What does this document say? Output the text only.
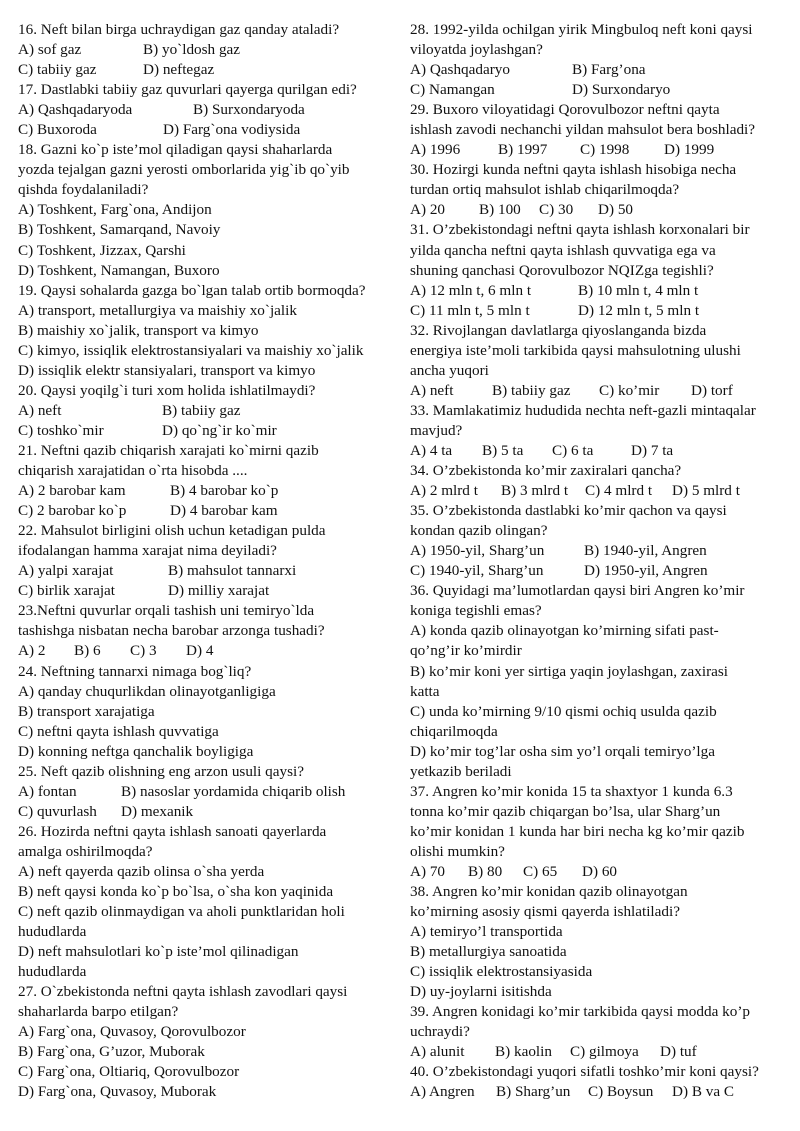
16. Neft bilan birga uchraydigan gaz qanday ataladi?
A) sof gaz	B) yo`ldosh gaz
C) tabiiy gaz	D) neftegaz
17. Dastlabki tabiiy gaz quvurlari qayerga qurilgan edi?
A) Qashqadaryoda	B) Surxondaryoda
C) Buxoroda	D) Farg`ona vodiysida
18. Gazni ko`p iste’mol qiladigan qaysi shaharlarda
yozda tejalgan gazni yerosti omborlarida yig`ib qo`yib
qishda foydalaniladi?
A) Toshkent, Farg`ona, Andijon
B) Toshkent, Samarqand, Navoiy
C) Toshkent, Jizzax, Qarshi
D) Toshkent, Namangan, Buxoro
19. Qaysi sohalarda gazga bo`lgan talab ortib bormoqda?
A) transport, metallurgiya va maishiy xo`jalik
B) maishiy xo`jalik, transport va kimyo
C) kimyo, issiqlik elektrostansiyalari va maishiy xo`jalik
D) issiqlik elektr stansiyalari, transport va kimyo
20. Qaysi yoqilg`i turi xom holida ishlatilmaydi?
A) neft	B) tabiiy gaz
C) toshko`mir	D) qo`ng`ir ko`mir
21. Neftni qazib chiqarish xarajati ko`mirni qazib
chiqarish xarajatidan o`rta hisobda ....
A) 2 barobar kam	B) 4 barobar ko`p
C) 2 barobar ko`p	D) 4 barobar kam
22. Mahsulot birligini olish uchun ketadigan pulda
ifodalangan hamma xarajat nima deyiladi?
A) yalpi xarajat	B) mahsulot tannarxi
C) birlik xarajat	D) milliy xarajat
23.Neftni quvurlar orqali tashish uni temiryo`lda
tashishga nisbatan necha barobar arzonga tushadi?
A) 2 B) 6 C) 3 D) 4
24. Neftning tannarxi nimaga bog`liq?
A) qanday chuqurlikdan olinayotganligiga
B) transport xarajatiga
C) neftni qayta ishlash quvvatiga
D) konning neftga qanchalik boyligiga
25. Neft qazib olishning eng arzon usuli qaysi?
A) fontan	B) nasoslar yordamida chiqarib olish
C) quvurlash D) mexanik
26. Hozirda neftni qayta ishlash sanoati qayerlarda
amalga oshirilmoqda?
A) neft qayerda qazib olinsa o`sha yerda
B) neft qaysi konda ko`p bo`lsa, o`sha kon yaqinida
C) neft qazib olinmaydigan va aholi punktlaridan holi
hududlarda
D) neft mahsulotlari ko`p iste’mol qilinadigan
hududlarda
27. O`zbekistonda neftni qayta ishlash zavodlari qaysi
shaharlarda barpo etilgan?
A) Farg`ona, Quvasoy, Qorovulbozor
B) Farg`ona, G’uzor, Muborak
C) Farg`ona, Oltiariq, Qorovulbozor
D) Farg`ona, Quvasoy, Muborak
28. 1992-yilda ochilgan yirik Mingbuloq neft koni qaysi
viloyatda joylashgan?
A) Qashqadaryo	B) Farg’ona
C) Namangan	D) Surxondaryo
29. Buxoro viloyatidagi Qorovulbozor neftni qayta
ishlash zavodi nechanchi yildan mahsulot bera boshladi?
A) 1996 B) 1997 C) 1998 D) 1999
30. Hozirgi kunda neftni qayta ishlash hisobiga necha
turdan ortiq mahsulot ishlab chiqarilmoqda?
A) 20 B) 100 C) 30 D) 50
31. O’zbekistondagi neftni qayta ishlash korxonalari bir
yilda qancha neftni qayta ishlash quvvatiga ega va
shuning qanchasi Qorovulbozor NQIZga tegishli?
A) 12 mln t, 6 mln t	B) 10 mln t, 4 mln t
C) 11 mln t, 5 mln t	D) 12 mln t, 5 mln t
32. Rivojlangan davlatlarga qiyoslanganda bizda
energiya iste’moli tarkibida qaysi mahsulotning ulushi
ancha yuqori
A) neft	B) tabiiy gaz C) ko’mir D) torf
33. Mamlakatimiz hududida nechta neft-gazli mintaqalar
mavjud?
A) 4 ta B) 5 ta C) 6 ta D) 7 ta
34. O’zbekistonda ko’mir zaxiralari qancha?
A) 2 mlrd t B) 3 mlrd t C) 4 mlrd t D) 5 mlrd t
35. O’zbekistonda dastlabki ko’mir qachon va qaysi
kondan qazib olingan?
A) 1950-yil, Sharg’un	B) 1940-yil, Angren
C) 1940-yil, Sharg’un	D) 1950-yil, Angren
36. Quyidagi ma’lumotlardan qaysi biri Angren ko’mir
koniga tegishli emas?
A) konda qazib olinayotgan ko’mirning sifati past-
qo’ng’ir ko’mirdir
B) ko’mir koni yer sirtiga yaqin joylashgan, zaxirasi
katta
C) unda ko’mirning 9/10 qismi ochiq usulda qazib
chiqarilmoqda
D) ko’mir tog’lar osha sim yo’l orqali temiryo’lga
yetkazib beriladi
37. Angren ko’mir konida 15 ta shaxtyor 1 kunda 6.3
tonna ko’mir qazib chiqargan bo’lsa, ular Sharg’un
ko’mir konidan 1 kunda har biri necha kg ko’mir qazib
olishi mumkin?
A) 70 B) 80 C) 65 D) 60
38. Angren ko’mir konidan qazib olinayotgan
ko’mirning asosiy qismi qayerda ishlatiladi?
A) temiryo’l transportida
B) metallurgiya sanoatida
C) issiqlik elektrostansiyasida
D) uy-joylarni isitishda
39. Angren konidagi ko’mir tarkibida qaysi modda ko’p
uchraydi?
A) alunit B) kaolin C) gilmoya D) tuf
40. O’zbekistondagi yuqori sifatli toshko’mir koni qaysi?
A) Angren B) Sharg’un C) Boysun D) B va C
